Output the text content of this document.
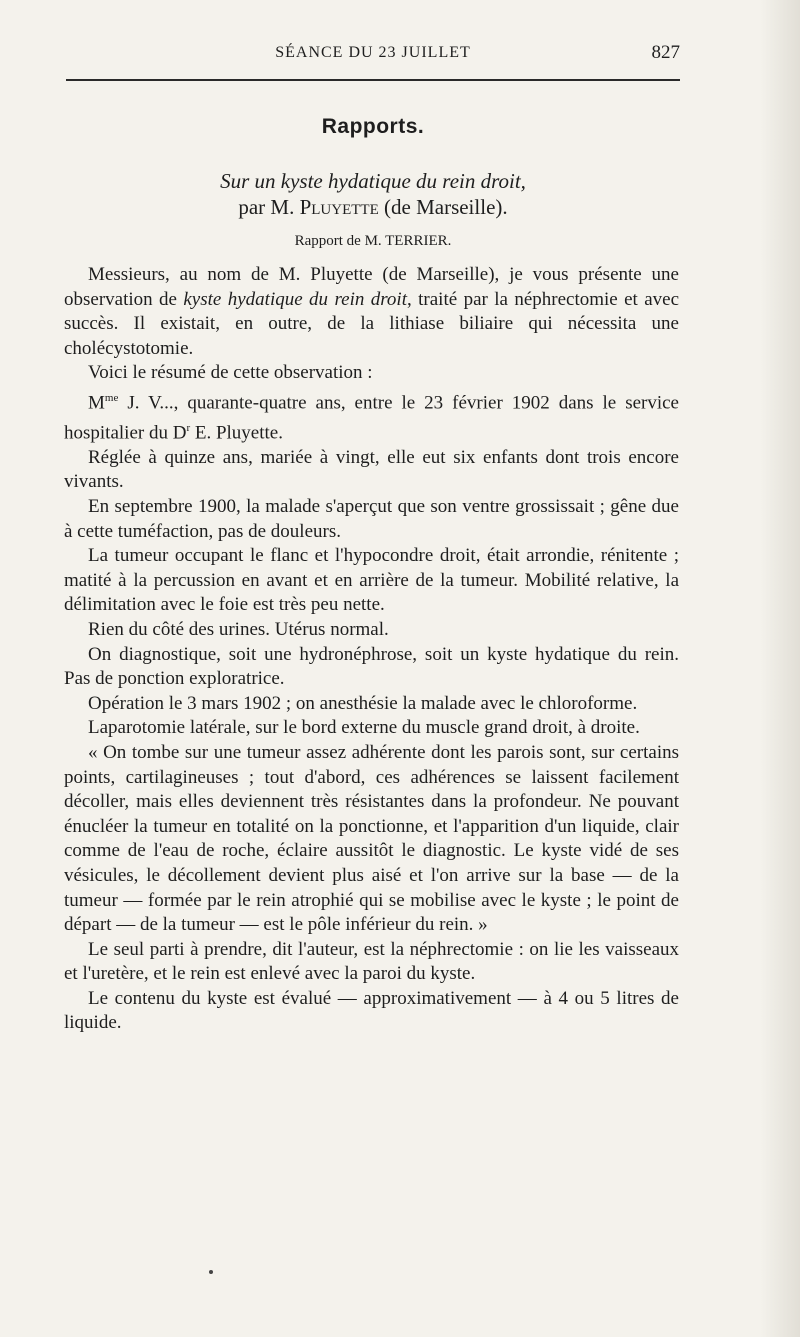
SÉANCE DU 23 JUILLET	827
Rapports.
Sur un kyste hydatique du rein droit,
par M. Pluyette (de Marseille).
Rapport de M. TERRIER.

Messieurs, au nom de M. Pluyette (de Marseille), je vous présente une observation de kyste hydatique du rein droit, traité par la néphrectomie et avec succès. Il existait, en outre, de la lithiase biliaire qui nécessita une cholécystotomie.

Voici le résumé de cette observation :

$M^{me}$ J. V..., quarante-quatre ans, entre le 23 février 1902 dans le service hospitalier du $D^r$ E. Pluyette.

Réglée à quinze ans, mariée à vingt, elle eut six enfants dont trois encore vivants.

En septembre 1900, la malade s'aperçut que son ventre grossissait ; gêne due à cette tuméfaction, pas de douleurs.

La tumeur occupant le flanc et l'hypocondre droit, était arrondie, rénitente ; matité à la percussion en avant et en arrière de la tumeur. Mobilité relative, la délimitation avec le foie est très peu nette.

Rien du côté des urines. Utérus normal.

On diagnostique, soit une hydronéphrose, soit un kyste hydatique du rein. Pas de ponction exploratrice.

Opération le 3 mars 1902 ; on anesthésie la malade avec le chloroforme.

Laparotomie latérale, sur le bord externe du muscle grand droit, à droite.

« On tombe sur une tumeur assez adhérente dont les parois sont, sur certains points, cartilagineuses ; tout d'abord, ces adhérences se laissent facilement décoller, mais elles deviennent très résistantes dans la profondeur. Ne pouvant énucléer la tumeur en totalité on la ponctionne, et l'apparition d'un liquide, clair comme de l'eau de roche, éclaire aussitôt le diagnostic. Le kyste vidé de ses vésicules, le décollement devient plus aisé et l'on arrive sur la base — de la tumeur — formée par le rein atrophié qui se mobilise avec le kyste ; le point de départ — de la tumeur — est le pôle inférieur du rein. »

Le seul parti à prendre, dit l'auteur, est la néphrectomie : on lie les vaisseaux et l'uretère, et le rein est enlevé avec la paroi du kyste.

Le contenu du kyste est évalué — approximativement — à 4 ou 5 litres de liquide.
